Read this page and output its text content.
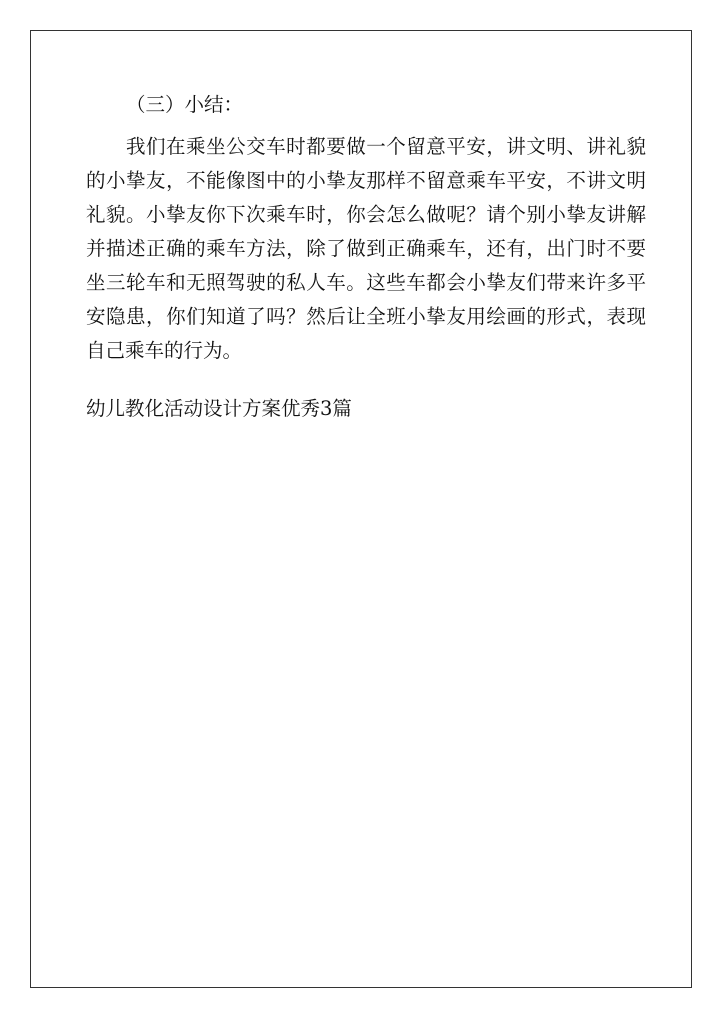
（三）小结：

我们在乘坐公交车时都要做一个留意平安，讲文明、讲礼貌

的小挚友，不能像图中的小挚友那样不留意乘车平安，不讲文明

礼貌。小挚友你下次乘车时，你会怎么做呢？请个别小挚友讲解

并描述正确的乘车方法，除了做到正确乘车，还有，出门时不要

坐三轮车和无照驾驶的私人车。这些车都会小挚友们带来许多平

安隐患，你们知道了吗？然后让全班小挚友用绘画的形式，表现

自己乘车的行为。

幼儿教化活动设计方案优秀3篇
